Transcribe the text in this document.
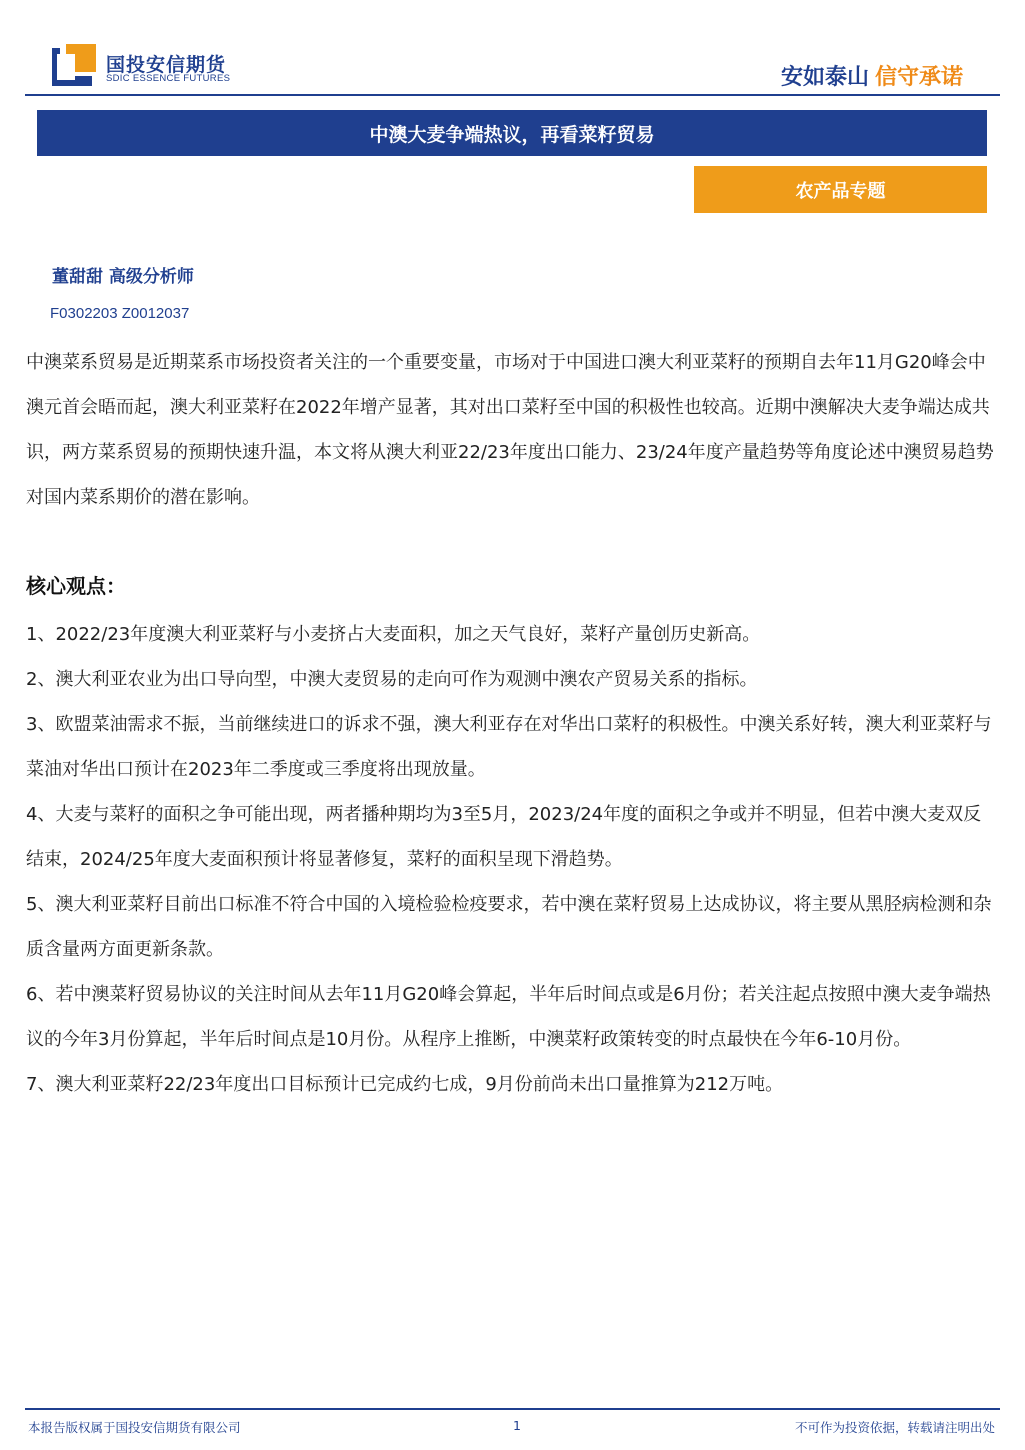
国投安信期货
SDIC ESSENCE FUTURES	安如泰山 信守承诺
中澳大麦争端热议，再看菜籽贸易
农产品专题
董甜甜 高级分析师
F0302203 Z0012037
中澳菜系贸易是近期菜系市场投资者关注的一个重要变量，市场对于中国进口澳大利亚菜籽的预期自去年11月G20峰会中澳元首会晤而起，澳大利亚菜籽在2022年增产显著，其对出口菜籽至中国的积极性也较高。近期中澳解决大麦争端达成共识，两方菜系贸易的预期快速升温，本文将从澳大利亚22/23年度出口能力、23/24年度产量趋势等角度论述中澳贸易趋势对国内菜系期价的潜在影响。
核心观点：
1、2022/23年度澳大利亚菜籽与小麦挤占大麦面积，加之天气良好，菜籽产量创历史新高。
2、澳大利亚农业为出口导向型，中澳大麦贸易的走向可作为观测中澳农产贸易关系的指标。
3、欧盟菜油需求不振，当前继续进口的诉求不强，澳大利亚存在对华出口菜籽的积极性。中澳关系好转，澳大利亚菜籽与菜油对华出口预计在2023年二季度或三季度将出现放量。
4、大麦与菜籽的面积之争可能出现，两者播种期均为3至5月，2023/24年度的面积之争或并不明显，但若中澳大麦双反结束，2024/25年度大麦面积预计将显著修复，菜籽的面积呈现下滑趋势。
5、澳大利亚菜籽目前出口标准不符合中国的入境检验检疫要求，若中澳在菜籽贸易上达成协议，将主要从黑胫病检测和杂质含量两方面更新条款。
6、若中澳菜籽贸易协议的关注时间从去年11月G20峰会算起，半年后时间点或是6月份；若关注起点按照中澳大麦争端热议的今年3月份算起，半年后时间点是10月份。从程序上推断，中澳菜籽政策转变的时点最快在今年6-10月份。
7、澳大利亚菜籽22/23年度出口目标预计已完成约七成，9月份前尚未出口量推算为212万吨。
本报告版权属于国投安信期货有限公司	1	不可作为投资依据，转载请注明出处
